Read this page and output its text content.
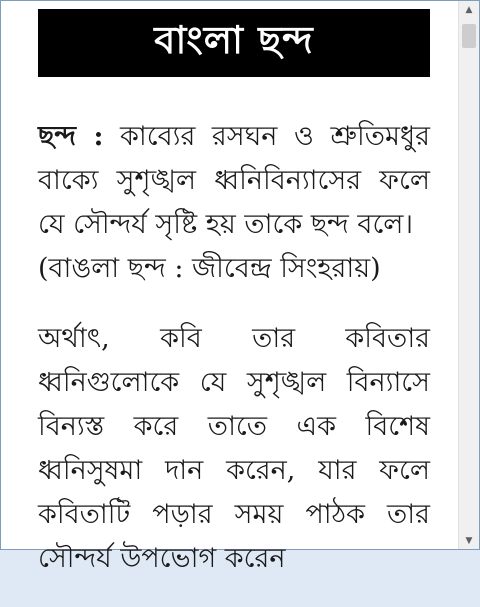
বাংলা ছন্দ

ছন্দ : কাব্যের রসঘন ও শ্রুতিমধুর বাক্যে সুশৃঙ্খল ধ্বনিবিন্যাসের ফলে যে সৌন্দর্য সৃষ্টি হয় তাকে ছন্দ বলে।
(বাঙলা ছন্দ : জীবেন্দ্র সিংহরায়)

অর্থাৎ, কবি তার কবিতার ধ্বনিগুলোকে যে সুশৃঙ্খল বিন্যাসে বিন্যস্ত করে তাতে এক বিশেষ ধ্বনিসুষমা দান করেন, যার ফলে কবিতাটি পড়ার সময় পাঠক তার সৌন্দর্য উপভোগ করেন

▲
▼
